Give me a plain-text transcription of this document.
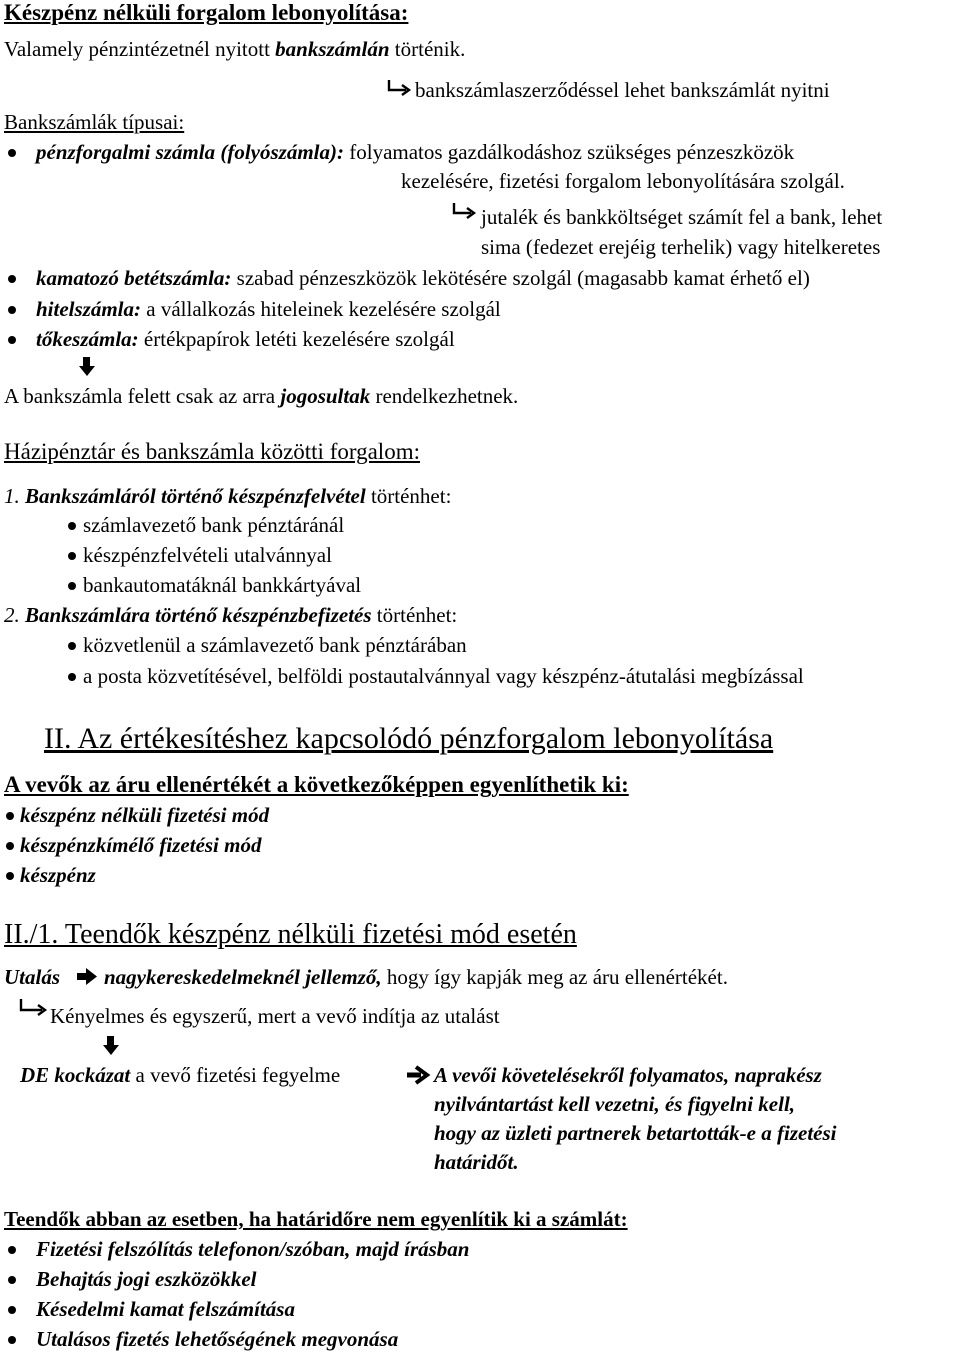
Készpénz nélküli forgalom lebonyolítása:
Valamely pénzintézetnél nyitott bankszámlán történik.
bankszámlaszerződéssel lehet bankszámlát nyitni
Bankszámlák típusai:
pénzforgalmi számla (folyószámla): folyamatos gazdálkodáshoz szükséges pénzeszközök
kezelésére, fizetési forgalom lebonyolítására szolgál.
jutalék és bankköltséget számít fel a bank, lehet
sima (fedezet erejéig terhelik) vagy hitelkeretes
kamatozó betétszámla: szabad pénzeszközök lekötésére szolgál (magasabb kamat érhető el)
hitelszámla: a vállalkozás hiteleinek kezelésére szolgál
tőkeszámla: értékpapírok letéti kezelésére szolgál
A bankszámla felett csak az arra jogosultak rendelkezhetnek.
Házipénztár és bankszámla közötti forgalom:
1. Bankszámláról történő készpénzfelvétel történhet:
számlavezető bank pénztáránál
készpénzfelvételi utalvánnyal
bankautomatáknál bankkártyával
2. Bankszámlára történő készpénzbefizetés történhet:
közvetlenül a számlavezető bank pénztárában
a posta közvetítésével, belföldi postautalvánnyal vagy készpénz-átutalási megbízással
II. Az értékesítéshez kapcsolódó pénzforgalom lebonyolítása
A vevők az áru ellenértékét a következőképpen egyenlíthetik ki:
készpénz nélküli fizetési mód
készpénzkímélő fizetési mód
készpénz
II./1. Teendők készpénz nélküli fizetési mód esetén
Utalás nagykereskedelmeknél jellemző, hogy így kapják meg az áru ellenértékét.
Kényelmes és egyszerű, mert a vevő indítja az utalást
DE kockázat a vevő fizetési fegyelme	A vevői követelésekről folyamatos, naprakész
nyilvántartást kell vezetni, és figyelni kell,
hogy az üzleti partnerek betartották-e a fizetési
határidőt.
Teendők abban az esetben, ha határidőre nem egyenlítik ki a számlát:
Fizetési felszólítás telefonon/szóban, majd írásban
Behajtás jogi eszközökkel
Késedelmi kamat felszámítása
Utalásos fizetés lehetőségének megvonása
